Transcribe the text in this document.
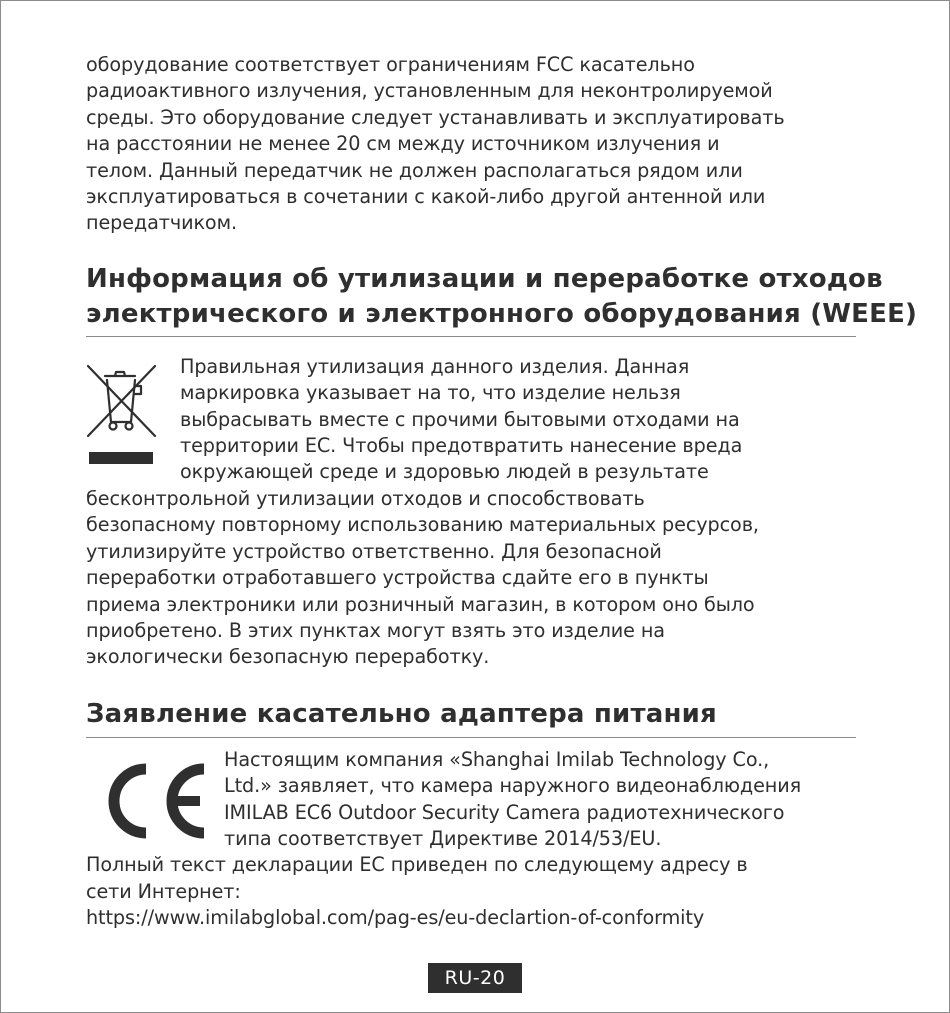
оборудование соответствует ограничениям FCC касательно
радиоактивного излучения, установленным для неконтролируемой
среды. Это оборудование следует устанавливать и эксплуатировать
на расстоянии не менее 20 см между источником излучения и
телом. Данный передатчик не должен располагаться рядом или
эксплуатироваться в сочетании с какой-либо другой антенной или
передатчиком.

Информация об утилизации и переработке отходов
электрического и электронного оборудования (WEEE)

Правильная утилизация данного изделия. Данная
маркировка указывает на то, что изделие нельзя
выбрасывать вместе с прочими бытовыми отходами на
территории ЕС. Чтобы предотвратить нанесение вреда
окружающей среде и здоровью людей в результате

бесконтрольной утилизации отходов и способствовать
безопасному повторному использованию материальных ресурсов,
утилизируйте устройство ответственно. Для безопасной
переработки отработавшего устройства сдайте его в пункты
приема электроники или розничный магазин, в котором оно было
приобретено. В этих пунктах могут взять это изделие на
экологически безопасную переработку.

Заявление касательно адаптера питания

Настоящим компания «Shanghai Imilab Technology Co.,
Ltd.» заявляет, что камера наружного видеонаблюдения
IMILAB EC6 Outdoor Security Camera радиотехнического
типа соответствует Директиве 2014/53/EU.

Полный текст декларации ЕС приведен по следующему адресу в
сети Интернет:
https://www.imilabglobal.com/pag-es/eu-declartion-of-conformity

RU-20
